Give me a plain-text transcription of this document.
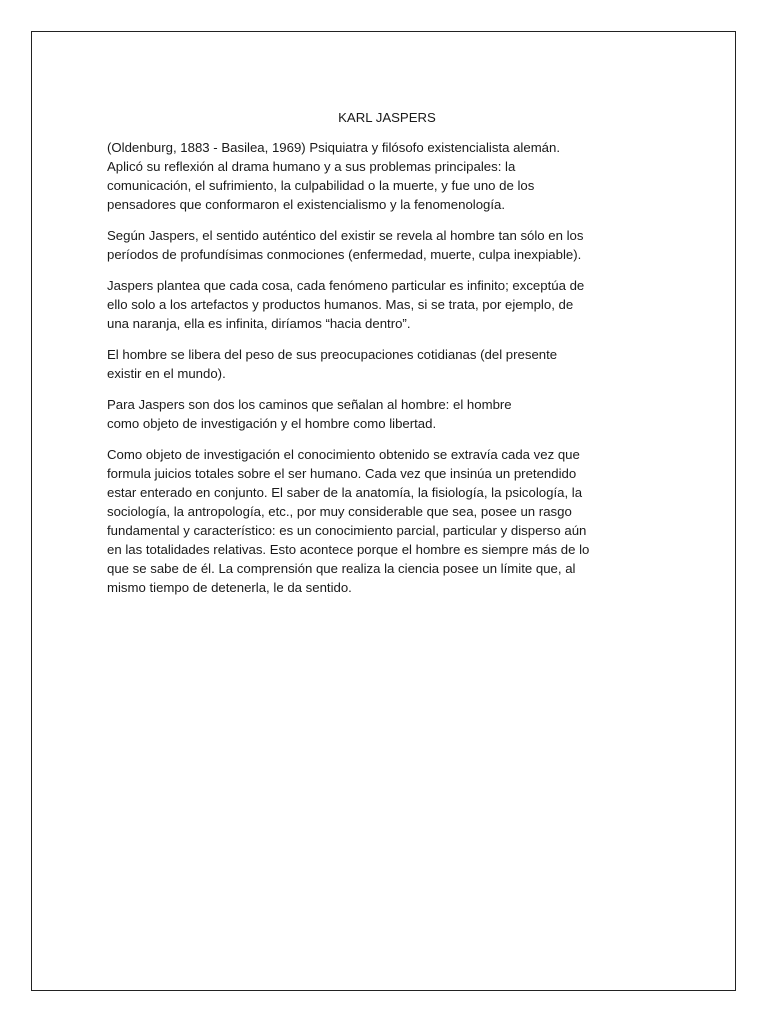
KARL JASPERS

(Oldenburg, 1883 - Basilea, 1969) Psiquiatra y filósofo existencialista alemán.
Aplicó su reflexión al drama humano y a sus problemas principales: la
comunicación, el sufrimiento, la culpabilidad o la muerte, y fue uno de los
pensadores que conformaron el existencialismo y la fenomenología.

Según Jaspers, el sentido auténtico del existir se revela al hombre tan sólo en los
períodos de profundísimas conmociones (enfermedad, muerte, culpa inexpiable).

Jaspers plantea que cada cosa, cada fenómeno particular es infinito; exceptúa de
ello solo a los artefactos y productos humanos. Mas, si se trata, por ejemplo, de
una naranja, ella es infinita, diríamos “hacia dentro”.

El hombre se libera del peso de sus preocupaciones cotidianas (del presente
existir en el mundo).

Para Jaspers son dos los caminos que señalan al hombre: el hombre
como objeto de investigación y el hombre como libertad.

Como objeto de investigación el conocimiento obtenido se extravía cada vez que
formula juicios totales sobre el ser humano. Cada vez que insinúa un pretendido
estar enterado en conjunto. El saber de la anatomía, la fisiología, la psicología, la
sociología, la antropología, etc., por muy considerable que sea, posee un rasgo
fundamental y característico: es un conocimiento parcial, particular y disperso aún
en las totalidades relativas. Esto acontece porque el hombre es siempre más de lo
que se sabe de él. La comprensión que realiza la ciencia posee un límite que, al
mismo tiempo de detenerla, le da sentido.
